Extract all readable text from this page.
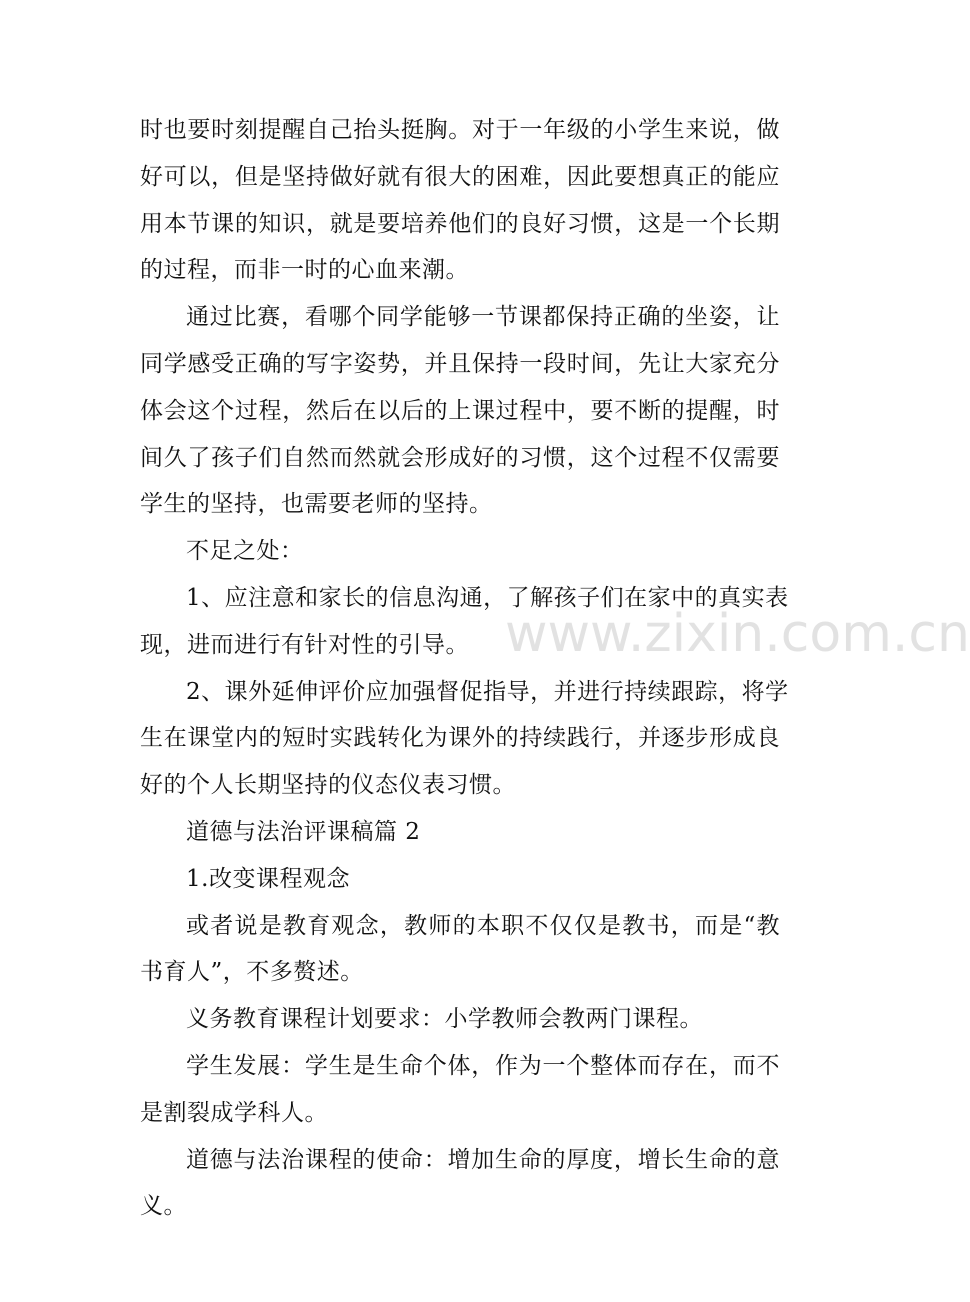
时也要时刻提醒自己抬头挺胸。对于一年级的小学生来说，做
好可以，但是坚持做好就有很大的困难，因此要想真正的能应
用本节课的知识，就是要培养他们的良好习惯，这是一个长期
的过程，而非一时的心血来潮。
通过比赛，看哪个同学能够一节课都保持正确的坐姿，让
同学感受正确的写字姿势，并且保持一段时间，先让大家充分
体会这个过程，然后在以后的上课过程中，要不断的提醒，时
间久了孩子们自然而然就会形成好的习惯，这个过程不仅需要
学生的坚持，也需要老师的坚持。
不足之处：
1、应注意和家长的信息沟通，了解孩子们在家中的真实表
现，进而进行有针对性的引导。
2、课外延伸评价应加强督促指导，并进行持续跟踪，将学
生在课堂内的短时实践转化为课外的持续践行，并逐步形成良
好的个人长期坚持的仪态仪表习惯。
道德与法治评课稿篇 2
1.改变课程观念
或者说是教育观念，教师的本职不仅仅是教书，而是“教
书育人”，不多赘述。
义务教育课程计划要求：小学教师会教两门课程。
学生发展：学生是生命个体，作为一个整体而存在，而不
是割裂成学科人。
道德与法治课程的使命：增加生命的厚度，增长生命的意
义。
www.zixin.com.cn
